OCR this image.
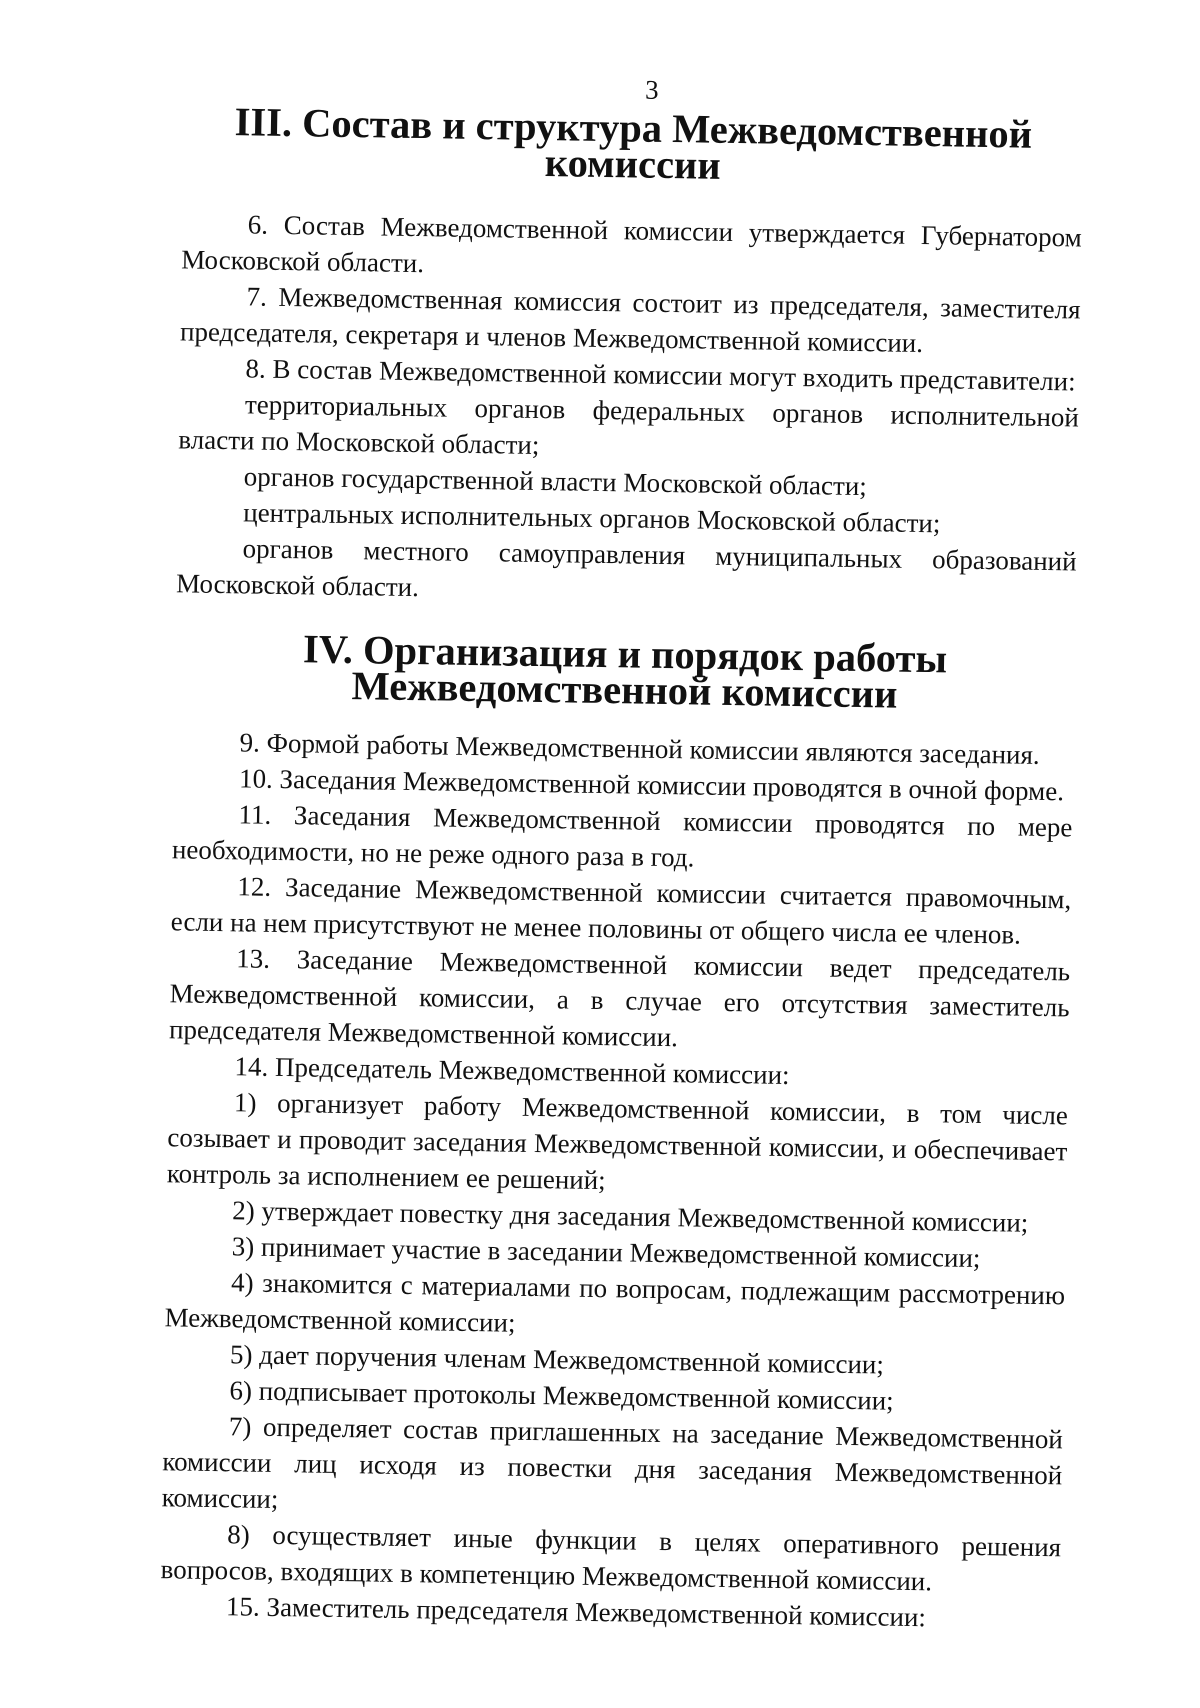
3
III. Состав и структура Межведомственной комиссии

6. Состав Межведомственной комиссии утверждается Губернатором Московской области.

7. Межведомственная комиссия состоит из председателя, заместителя председателя, секретаря и членов Межведомственной комиссии.

8. В состав Межведомственной комиссии могут входить представители:

территориальных органов федеральных органов исполнительной власти по Московской области;

органов государственной власти Московской области;

центральных исполнительных органов Московской области;

органов местного самоуправления муниципальных образований Московской области.

IV. Организация и порядок работы Межведомственной комиссии

9. Формой работы Межведомственной комиссии являются заседания.

10. Заседания Межведомственной комиссии проводятся в очной форме.

11. Заседания Межведомственной комиссии проводятся по мере необходимости, но не реже одного раза в год.

12. Заседание Межведомственной комиссии считается правомочным, если на нем присутствуют не менее половины от общего числа ее членов.

13. Заседание Межведомственной комиссии ведет председатель Межведомственной комиссии, а в случае его отсутствия заместитель председателя Межведомственной комиссии.

14. Председатель Межведомственной комиссии:

1) организует работу Межведомственной комиссии, в том числе созывает и проводит заседания Межведомственной комиссии, и обеспечивает контроль за исполнением ее решений;

2) утверждает повестку дня заседания Межведомственной комиссии;

3) принимает участие в заседании Межведомственной комиссии;

4) знакомится с материалами по вопросам, подлежащим рассмотрению Межведомственной комиссии;

5) дает поручения членам Межведомственной комиссии;

6) подписывает протоколы Межведомственной комиссии;

7) определяет состав приглашенных на заседание Межведомственной комиссии лиц исходя из повестки дня заседания Межведомственной комиссии;

8) осуществляет иные функции в целях оперативного решения вопросов, входящих в компетенцию Межведомственной комиссии.

15. Заместитель председателя Межведомственной комиссии:
